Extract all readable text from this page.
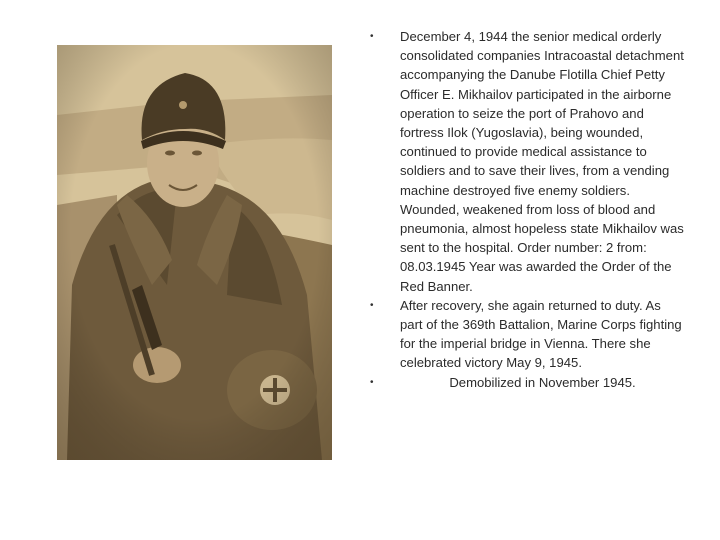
• December 4, 1944 the senior medical orderly consolidated companies Intracoastal detachment accompanying the Danube Flotilla Chief Petty Officer E. Mikhailov participated in the airborne operation to seize the port of Prahovo and fortress Ilok (Yugoslavia), being wounded, continued to provide medical assistance to soldiers and to save their lives, from a vending machine destroyed five enemy soldiers. Wounded, weakened from loss of blood and pneumonia, almost hopeless state Mikhailov was sent to the hospital. Order number: 2 from: 08.03.1945 Year was awarded the Order of the Red Banner.
• After recovery, she again returned to duty. As part of the 369th Battalion, Marine Corps fighting for the imperial bridge in Vienna. There she celebrated victory May 9, 1945.
•	Demobilized in November 1945.
